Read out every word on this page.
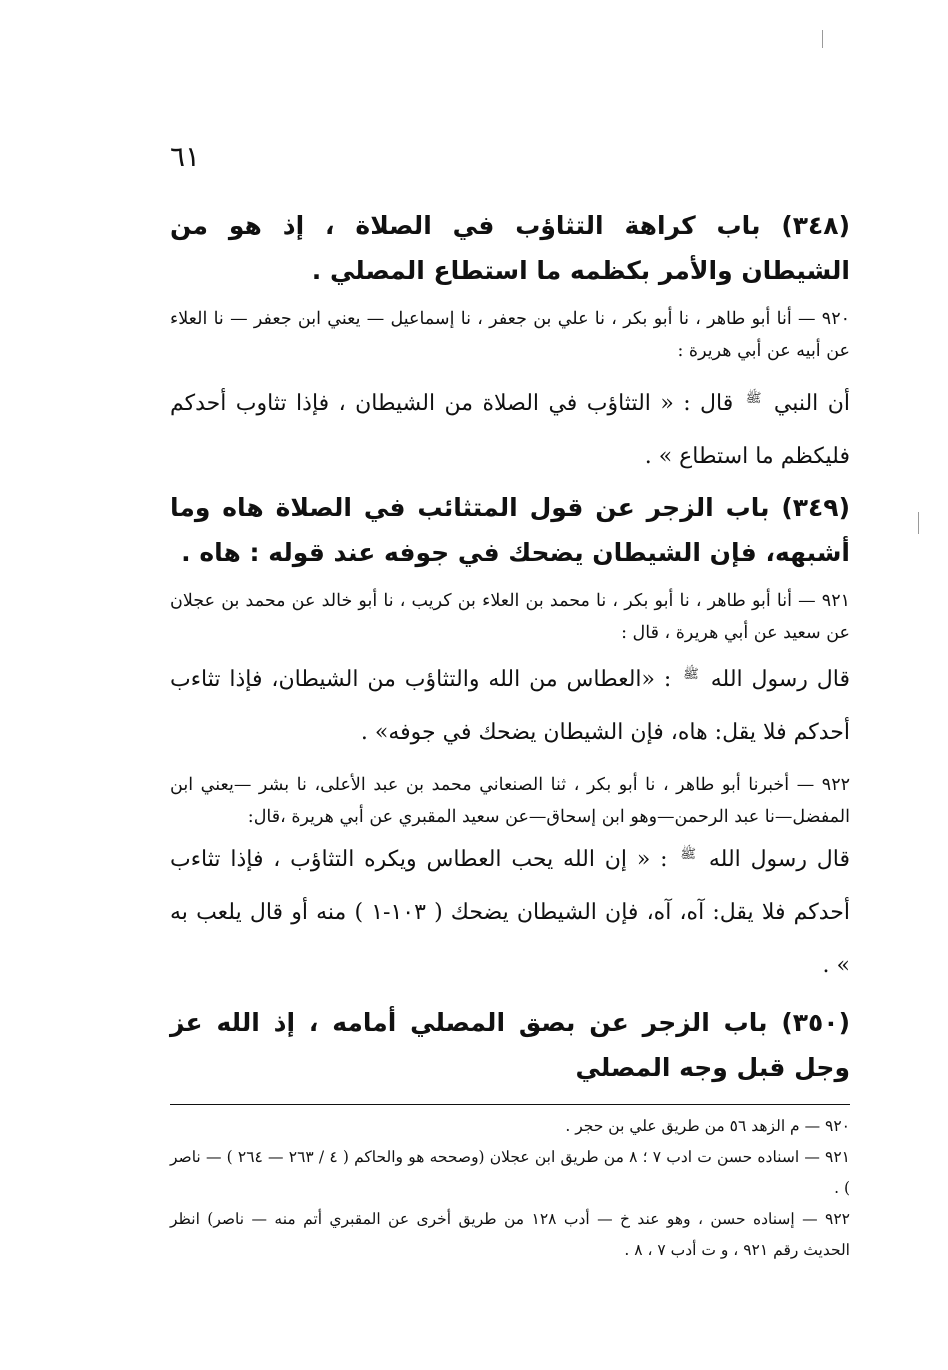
٦١

(٣٤٨) باب كراهة التثاؤب في الصلاة ، إذ هو من الشيطان والأمر بكظمه ما استطاع المصلي .

٩٢٠ — أنا أبو طاهر ، نا أبو بكر ، نا علي بن جعفر ، نا إسماعيل — يعني ابن جعفر — نا العلاء عن أبيه عن أبي هريرة :

أن النبي ﷺ قال : « التثاؤب في الصلاة من الشيطان ، فإذا تثاوب أحدكم فليكظم ما استطاع » .

(٣٤٩) باب الزجر عن قول المتثائب في الصلاة هاه وما أشبهه، فإن الشيطان يضحك في جوفه عند قوله : هاه .

٩٢١ — أنا أبو طاهر ، نا أبو بكر ، نا محمد بن العلاء بن كريب ، نا أبو خالد عن محمد بن عجلان عن سعيد عن أبي هريرة ، قال :

قال رسول الله ﷺ : «العطاس من الله والتثاؤب من الشيطان، فإذا تثاءب أحدكم فلا يقل: هاه، فإن الشيطان يضحك في جوفه» .

٩٢٢ — أخبرنا أبو طاهر ، نا أبو بكر ، ثنا الصنعاني محمد بن عبد الأعلى، نا بشر —يعني ابن المفضل—نا عبد الرحمن—وهو ابن إسحاق—عن سعيد المقبري عن أبي هريرة ،قال:

قال رسول الله ﷺ : « إن الله يحب العطاس ويكره التثاؤب ، فإذا تثاءب أحدكم فلا يقل: آه، آه، فإن الشيطان يضحك ( ١٠٣-١ ) منه أو قال يلعب به » .

(٣٥٠) باب الزجر عن بصق المصلي أمامه ، إذ الله عز وجل قبل وجه المصلي

٩٢٠ — م الزهد ٥٦ من طريق علي بن حجر .

٩٢١ — اسناده حسن ت ادب ٧ ؛ ٨ من طريق ابن عجلان (وصححه هو والحاكم ( ٤ / ٢٦٣ — ٢٦٤ ) — ناصر ) .

٩٢٢ — إسناده حسن ، وهو عند خ — أدب ١٢٨ من طريق أخرى عن المقبري أتم منه — ناصر) انظر الحديث رقم ٩٢١ ، و ت أدب ٧ ، ٨ .
